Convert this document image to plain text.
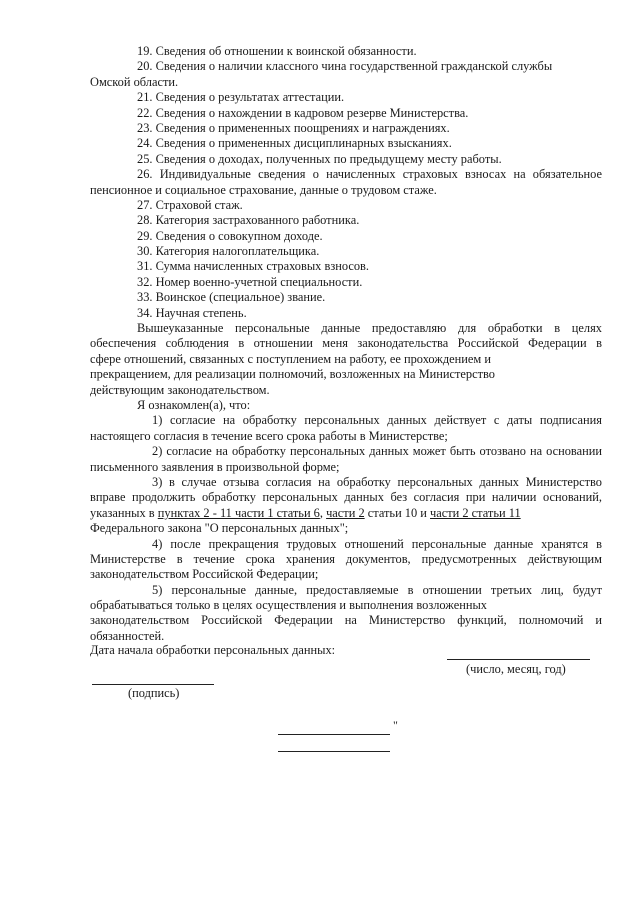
19. Сведения об отношении к воинской обязанности.
20. Сведения о наличии классного чина государственной гражданской службы
Омской области.
21. Сведения о результатах аттестации.
22. Сведения о нахождении в кадровом резерве Министерства.
23. Сведения о примененных поощрениях и награждениях.
24. Сведения о примененных дисциплинарных взысканиях.
25. Сведения о доходах, полученных по предыдущему месту работы.
26. Индивидуальные сведения о начисленных страховых взносах на обязательное
пенсионное и социальное страхование, данные о трудовом стаже.
27. Страховой стаж.
28. Категория застрахованного работника.
29. Сведения о совокупном доходе.
30. Категория налогоплательщика.
31. Сумма начисленных страховых взносов.
32. Номер военно-учетной специальности.
33. Воинское (специальное) звание.
34. Научная степень.
Вышеуказанные персональные данные предоставляю для обработки в целях
обеспечения соблюдения в отношении меня законодательства Российской Федерации в
сфере отношений, связанных с поступлением на работу, ее прохождением и
прекращением, для реализации полномочий, возложенных на Министерство
действующим законодательством.
Я ознакомлен(а), что:
1) согласие на обработку персональных данных действует с даты подписания
настоящего согласия в течение всего срока работы в Министерстве;
2) согласие на обработку персональных данных может быть отозвано на основании
письменного заявления в произвольной форме;
3) в случае отзыва согласия на обработку персональных данных Министерство
вправе продолжить обработку персональных данных без согласия при наличии оснований,
указанных в пунктах 2 - 11 части 1 статьи 6, части 2 статьи 10 и части 2 статьи 11
Федерального закона "О персональных данных";
4) после прекращения трудовых отношений персональные данные хранятся в
Министерстве в течение срока хранения документов, предусмотренных действующим
законодательством Российской Федерации;
5) персональные данные, предоставляемые в отношении третьих лиц, будут
обрабатываться только в целях осуществления и выполнения возложенных
законодательством Российской Федерации на Министерство функций, полномочий и
обязанностей.
Дата начала обработки персональных данных:
(число, месяц, год)
(подпись)
"
